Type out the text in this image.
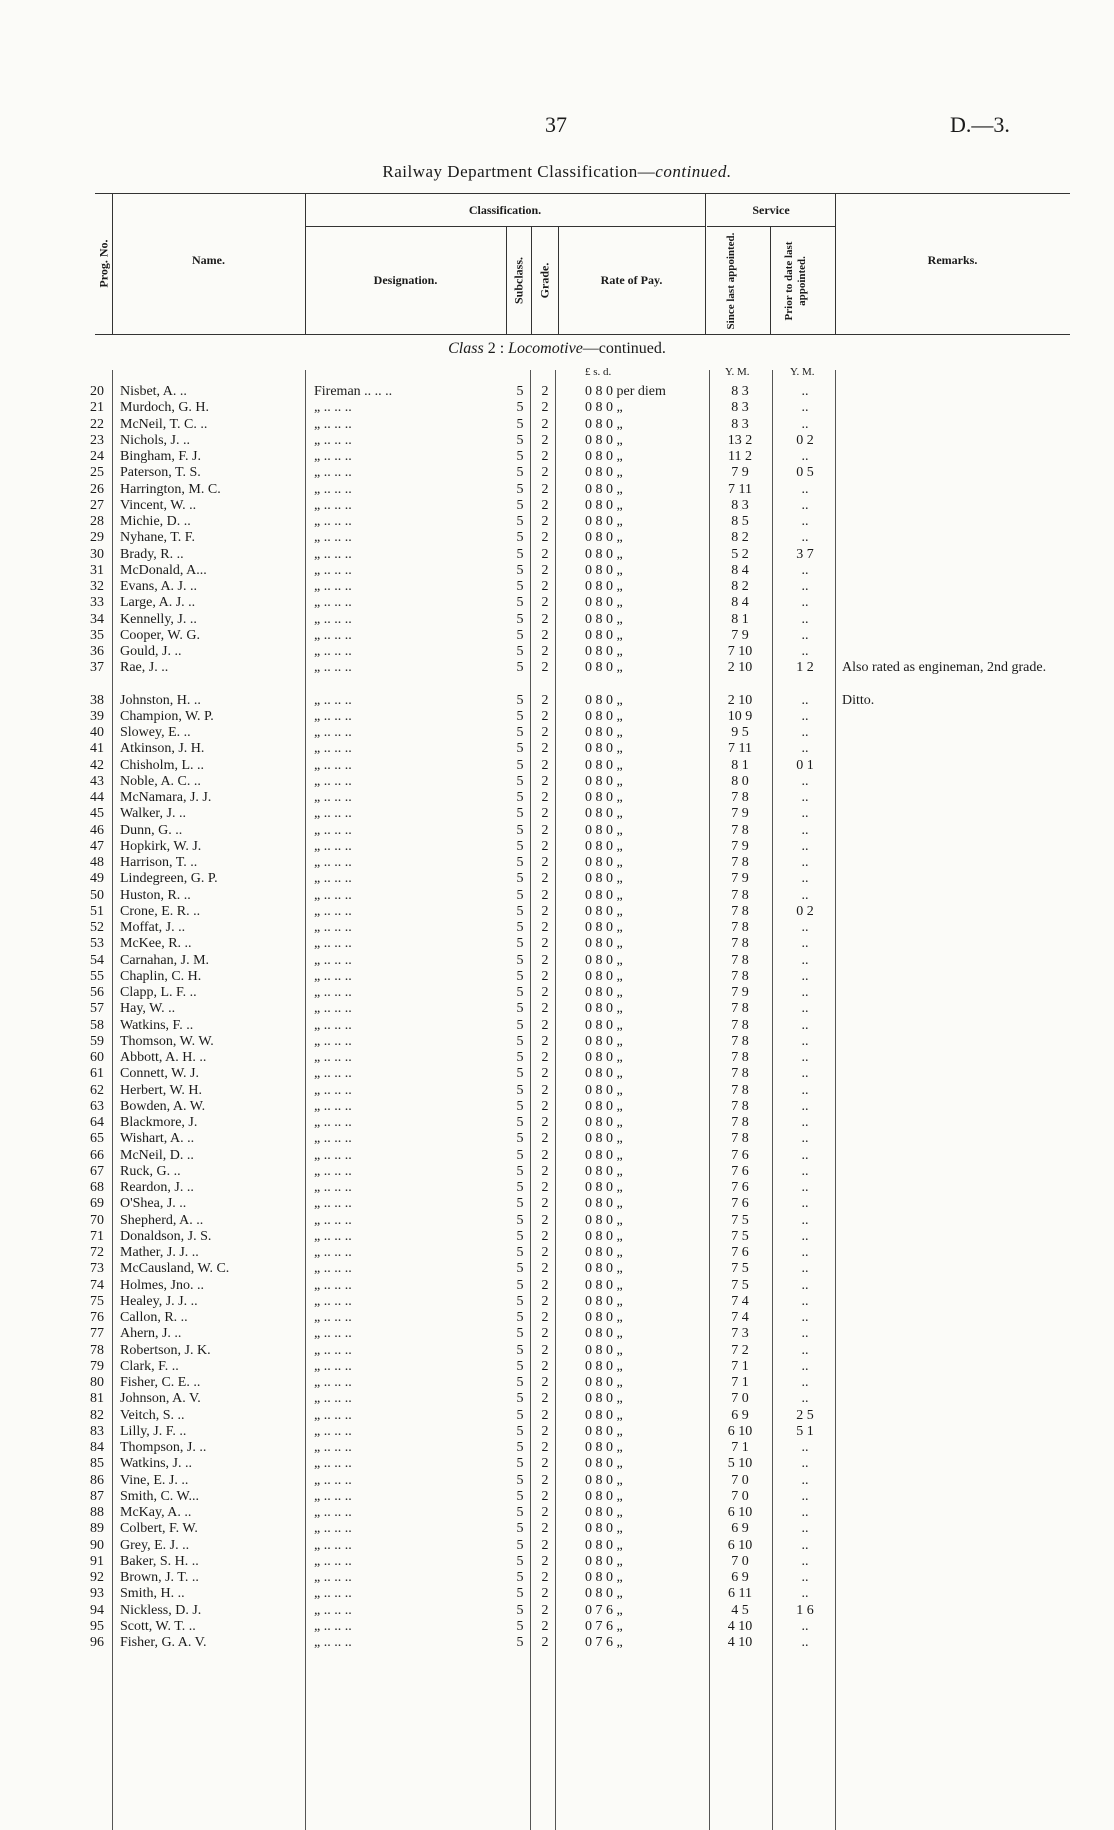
37	D.—3.
Railway Department Classification—continued.
Classification.	Service
Prog. No.	Name.
Designation.	Subclass. Grade.	Rate of Pay.	Since last appointed.	Prior to date last appointed.	Remarks.
Class 2 : Locomotive—continued.
£ s. d.	Y. M.	Y. M.
20 Nisbet, A. ..	Fireman .. .. ..	5 2	0 8 0 per diem	8 3	..
21 Murdoch, G. H.	„ .. .. ..	5 2	0 8 0 „	8 3	..
22 McNeil, T. C. ..	„ .. .. ..	5 2	0 8 0 „	8 3	..
23 Nichols, J. ..	„ .. .. ..	5 2	0 8 0 „	13 2	0 2
24 Bingham, F. J.	„ .. .. ..	5 2	0 8 0 „	11 2	..
25 Paterson, T. S.	„ .. .. ..	5 2	0 8 0 „	7 9	0 5
26 Harrington, M. C.	„ .. .. ..	5 2	0 8 0 „	7 11	..
27 Vincent, W. ..	„ .. .. ..	5 2	0 8 0 „	8 3	..
28 Michie, D. ..	„ .. .. ..	5 2	0 8 0 „	8 5	..
29 Nyhane, T. F.	„ .. .. ..	5 2	0 8 0 „	8 2	..
30 Brady, R. ..	„ .. .. ..	5 2	0 8 0 „	5 2	3 7
31 McDonald, A...	„ .. .. ..	5 2	0 8 0 „	8 4	..
32 Evans, A. J. ..	„ .. .. ..	5 2	0 8 0 „	8 2	..
33 Large, A. J. ..	„ .. .. ..	5 2	0 8 0 „	8 4	..
34 Kennelly, J. ..	„ .. .. ..	5 2	0 8 0 „	8 1	..
35 Cooper, W. G.	„ .. .. ..	5 2	0 8 0 „	7 9	..
36 Gould, J. ..	„ .. .. ..	5 2	0 8 0 „	7 10	..
37 Rae, J. ..	„ .. .. ..	5 2	0 8 0 „	2 10	1 2	Also rated as engineman, 2nd grade.
38 Johnston, H. ..	„ .. .. ..	5 2	0 8 0 „	2 10	..	Ditto.
39 Champion, W. P.	„ .. .. ..	5 2	0 8 0 „	10 9	..
40 Slowey, E. ..	„ .. .. ..	5 2	0 8 0 „	9 5	..
41 Atkinson, J. H.	„ .. .. ..	5 2	0 8 0 „	7 11	..
42 Chisholm, L. ..	„ .. .. ..	5 2	0 8 0 „	8 1	0 1
43 Noble, A. C. ..	„ .. .. ..	5 2	0 8 0 „	8 0	..
44 McNamara, J. J.	„ .. .. ..	5 2	0 8 0 „	7 8	..
45 Walker, J. ..	„ .. .. ..	5 2	0 8 0 „	7 9	..
46 Dunn, G. ..	„ .. .. ..	5 2	0 8 0 „	7 8	..
47 Hopkirk, W. J.	„ .. .. ..	5 2	0 8 0 „	7 9	..
48 Harrison, T. ..	„ .. .. ..	5 2	0 8 0 „	7 8	..
49 Lindegreen, G. P.	„ .. .. ..	5 2	0 8 0 „	7 9	..
50 Huston, R. ..	„ .. .. ..	5 2	0 8 0 „	7 8	..
51 Crone, E. R. ..	„ .. .. ..	5 2	0 8 0 „	7 8	0 2
52 Moffat, J. ..	„ .. .. ..	5 2	0 8 0 „	7 8	..
53 McKee, R. ..	„ .. .. ..	5 2	0 8 0 „	7 8	..
54 Carnahan, J. M.	„ .. .. ..	5 2	0 8 0 „	7 8	..
55 Chaplin, C. H.	„ .. .. ..	5 2	0 8 0 „	7 8	..
56 Clapp, L. F. ..	„ .. .. ..	5 2	0 8 0 „	7 9	..
57 Hay, W. ..	„ .. .. ..	5 2	0 8 0 „	7 8	..
58 Watkins, F. ..	„ .. .. ..	5 2	0 8 0 „	7 8	..
59 Thomson, W. W.	„ .. .. ..	5 2	0 8 0 „	7 8	..
60 Abbott, A. H. ..	„ .. .. ..	5 2	0 8 0 „	7 8	..
61 Connett, W. J.	„ .. .. ..	5 2	0 8 0 „	7 8	..
62 Herbert, W. H.	„ .. .. ..	5 2	0 8 0 „	7 8	..
63 Bowden, A. W.	„ .. .. ..	5 2	0 8 0 „	7 8	..
64 Blackmore, J.	„ .. .. ..	5 2	0 8 0 „	7 8	..
65 Wishart, A. ..	„ .. .. ..	5 2	0 8 0 „	7 8	..
66 McNeil, D. ..	„ .. .. ..	5 2	0 8 0 „	7 6	..
67 Ruck, G. ..	„ .. .. ..	5 2	0 8 0 „	7 6	..
68 Reardon, J. ..	„ .. .. ..	5 2	0 8 0 „	7 6	..
69 O'Shea, J. ..	„ .. .. ..	5 2	0 8 0 „	7 6	..
70 Shepherd, A. ..	„ .. .. ..	5 2	0 8 0 „	7 5	..
71 Donaldson, J. S.	„ .. .. ..	5 2	0 8 0 „	7 5	..
72 Mather, J. J. ..	„ .. .. ..	5 2	0 8 0 „	7 6	..
73 McCausland, W. C.	„ .. .. ..	5 2	0 8 0 „	7 5	..
74 Holmes, Jno. ..	„ .. .. ..	5 2	0 8 0 „	7 5	..
75 Healey, J. J. ..	„ .. .. ..	5 2	0 8 0 „	7 4	..
76 Callon, R. ..	„ .. .. ..	5 2	0 8 0 „	7 4	..
77 Ahern, J. ..	„ .. .. ..	5 2	0 8 0 „	7 3	..
78 Robertson, J. K.	„ .. .. ..	5 2	0 8 0 „	7 2	..
79 Clark, F. ..	„ .. .. ..	5 2	0 8 0 „	7 1	..
80 Fisher, C. E. ..	„ .. .. ..	5 2	0 8 0 „	7 1	..
81 Johnson, A. V.	„ .. .. ..	5 2	0 8 0 „	7 0	..
82 Veitch, S. ..	„ .. .. ..	5 2	0 8 0 „	6 9	2 5
83 Lilly, J. F. ..	„ .. .. ..	5 2	0 8 0 „	6 10	5 1
84 Thompson, J. ..	„ .. .. ..	5 2	0 8 0 „	7 1	..
85 Watkins, J. ..	„ .. .. ..	5 2	0 8 0 „	5 10	..
86 Vine, E. J. ..	„ .. .. ..	5 2	0 8 0 „	7 0	..
87 Smith, C. W...	„ .. .. ..	5 2	0 8 0 „	7 0	..
88 McKay, A. ..	„ .. .. ..	5 2	0 8 0 „	6 10	..
89 Colbert, F. W.	„ .. .. ..	5 2	0 8 0 „	6 9	..
90 Grey, E. J. ..	„ .. .. ..	5 2	0 8 0 „	6 10	..
91 Baker, S. H. ..	„ .. .. ..	5 2	0 8 0 „	7 0	..
92 Brown, J. T. ..	„ .. .. ..	5 2	0 8 0 „	6 9	..
93 Smith, H. ..	„ .. .. ..	5 2	0 8 0 „	6 11	..
94 Nickless, D. J.	„ .. .. ..	5 2	0 7 6 „	4 5	1 6
95 Scott, W. T. ..	„ .. .. ..	5 2	0 7 6 „	4 10	..
96 Fisher, G. A. V.	„ .. .. ..	5 2	0 7 6 „	4 10	..
